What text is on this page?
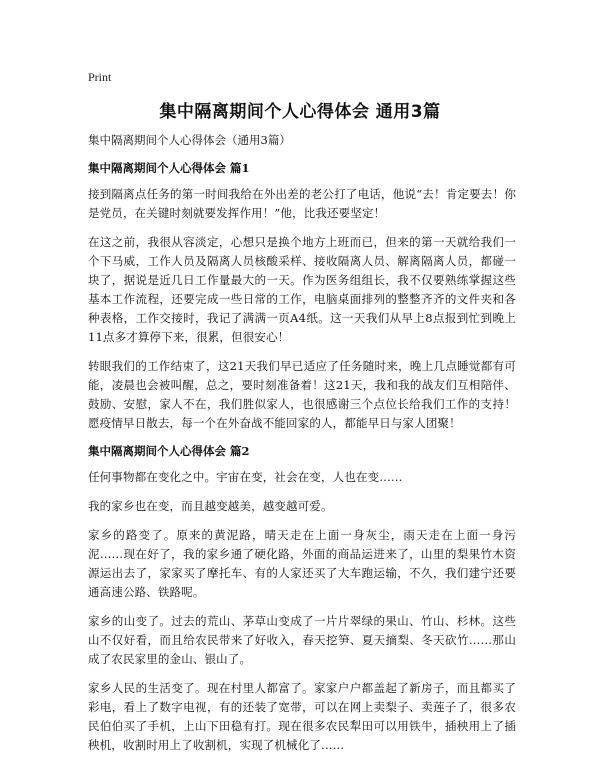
Print
集中隔离期间个人心得体会 通用3篇
集中隔离期间个人心得体会（通用3篇）
集中隔离期间个人心得体会 篇1

接到隔离点任务的第一时间我给在外出差的老公打了电话，他说“去！肯定要去！你是党员，在关键时刻就要发挥作用！”他，比我还要坚定！

在这之前，我很从容淡定，心想只是换个地方上班而已，但来的第一天就给我们一个下马威，工作人员及隔离人员核酸采样、接收隔离人员、解离隔离人员，都碰一块了，据说是近几日工作量最大的一天。作为医务组组长，我不仅要熟练掌握这些基本工作流程，还要完成一些日常的工作，电脑桌面排列的整整齐齐的文件夹和各种表格，工作交接时，我记了满满一页A4纸。这一天我们从早上8点报到忙到晚上11点多才算停下来，很累，但很安心！

转眼我们的工作结束了，这21天我们早已适应了任务随时来，晚上几点睡觉都有可能，凌晨也会被叫醒，总之，要时刻准备着！这21天，我和我的战友们互相陪伴、鼓励、安慰，家人不在，我们胜似家人，也很感谢三个点位长给我们工作的支持！愿疫情早日散去，每一个在外奋战不能回家的人，都能早日与家人团聚！

集中隔离期间个人心得体会 篇2

任何事物都在变化之中。宇宙在变，社会在变，人也在变……

我的家乡也在变，而且越变越美，越变越可爱。

家乡的路变了。原来的黄泥路，晴天走在上面一身灰尘，雨天走在上面一身污泥……现在好了，我的家乡通了硬化路，外面的商品运进来了，山里的梨果竹木资源运出去了，家家买了摩托车、有的人家还买了大车跑运输，不久，我们建宁还要通高速公路、铁路呢。

家乡的山变了。过去的荒山、茅草山变成了一片片翠绿的果山、竹山、杉林。这些山不仅好看，而且给农民带来了好收入，春天挖笋、夏天摘梨、冬天砍竹……那山成了农民家里的金山、银山了。

家乡人民的生活变了。现在村里人都富了。家家户户都盖起了新房子，而且都买了彩电，看上了数字电视，有的还装了宽带，可以在网上卖梨子、卖莲子了，很多农民伯伯买了手机，上山下田稳有打。现在很多农民犁田可以用铁牛，插秧用上了插秧机，收割时用上了收割机，实现了机械化了……
